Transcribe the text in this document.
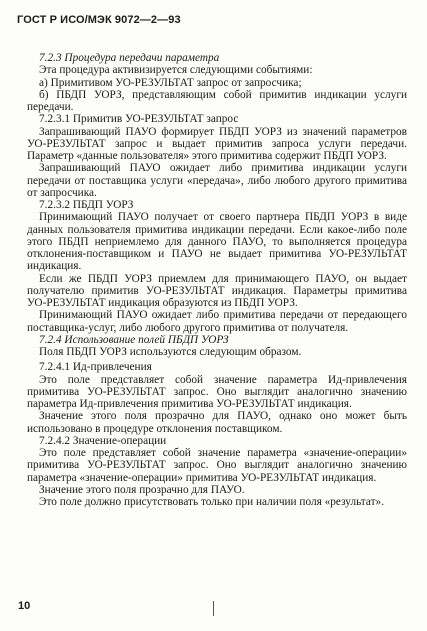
ГОСТ Р ИСО/МЭК 9072—2—93

7.2.3 Процедура передачи параметра

Эта процедура активизируется следующими событиями:

а) Примитивом УО-РЕЗУЛЬТАТ запрос от запросчика;

б) ПБДП УОРЗ, представляющим собой примитив индикации услуги передачи.

7.2.3.1 Примитив УО-РЕЗУЛЬТАТ запрос

Запрашивающий ПАУО формирует ПБДП УОРЗ из значений параметров УО-РЕЗУЛЬТАТ запрос и выдает примитив запроса услуги передачи. Параметр «данные пользователя» этого примитива содержит ПБДП УОРЗ.

Запрашивающий ПАУО ожидает либо примитива индикации услуги передачи от поставщика услуги «передача», либо любого другого примитива от запросчика.

7.2.3.2 ПБДП УОРЗ

Принимающий ПАУО получает от своего партнера ПБДП УОРЗ в виде данных пользователя примитива индикации передачи. Если какое-либо поле этого ПБДП неприемлемо для данного ПАУО, то выполняется процедура отклонения-поставщиком и ПАУО не выдает примитива УО-РЕЗУЛЬТАТ индикация.

Если же ПБДП УОРЗ приемлем для принимающего ПАУО, он выдает получателю примитив УО-РЕЗУЛЬТАТ индикация. Параметры примитива УО-РЕЗУЛЬТАТ индикация образуются из ПБДП УОРЗ.

Принимающий ПАУО ожидает либо примитива передачи от передающего поставщика-услуг, либо любого другого примитива от получателя.

7.2.4 Использование полей ПБДП УОРЗ

Поля ПБДП УОРЗ используются следующим образом.

7.2.4.1 Ид-привлечения

Это поле представляет собой значение параметра Ид-привлечения примитива УО-РЕЗУЛЬТАТ запрос. Оно выглядит аналогично значению параметра Ид-привлечения примитива УО-РЕЗУЛЬТАТ индикация.

Значение этого поля прозрачно для ПАУО, однако оно может быть использовано в процедуре отклонения поставщиком.

7.2.4.2 Значение-операции

Это поле представляет собой значение параметра «значение-операции» примитива УО-РЕЗУЛЬТАТ запрос. Оно выглядит аналогично значению параметра «значение-операции» примитива УО-РЕЗУЛЬТАТ индикация.

Значение этого поля прозрачно для ПАУО.

Это поле должно присутствовать только при наличии поля «результат».

10
